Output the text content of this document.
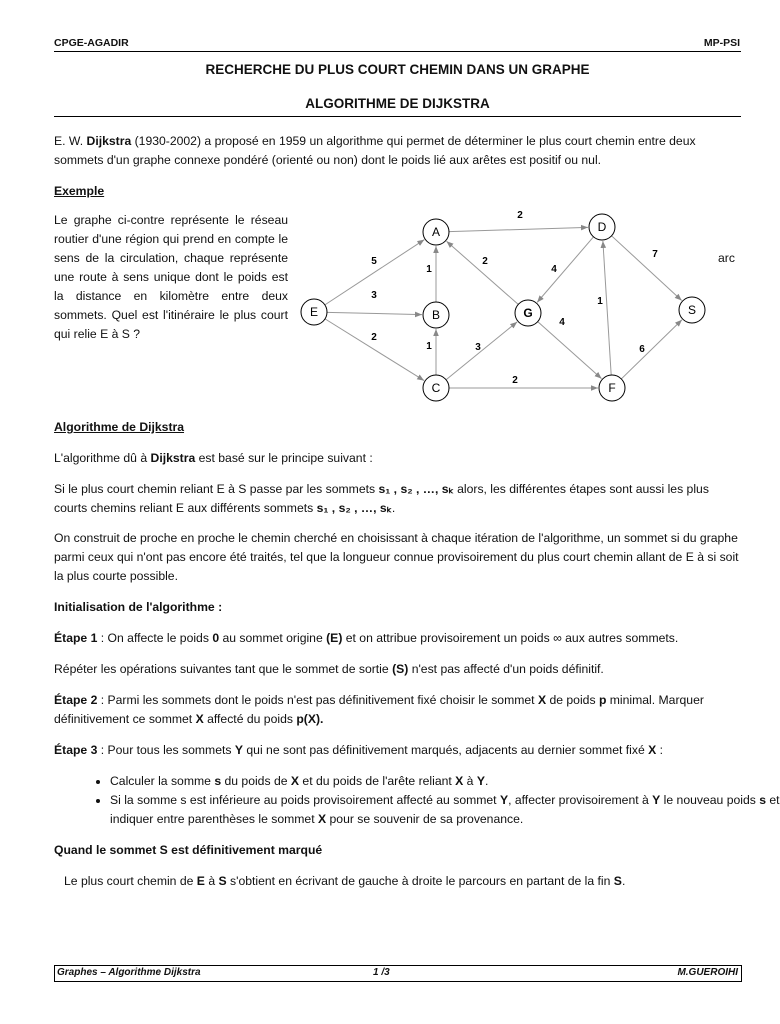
CPGE-AGADIR	MP-PSI
RECHERCHE DU PLUS COURT CHEMIN DANS UN GRAPHE
ALGORITHME DE DIJKSTRA

E. W. Dijkstra (1930-2002) a proposé en 1959 un algorithme qui permet de déterminer le plus court chemin entre deux sommets d'un graphe connexe pondéré (orienté ou non) dont le poids lié aux arêtes est positif ou nul.

Exemple

Le graphe ci-contre représente le réseau routier d'une région qui prend en compte le sens de la circulation, chaque représente une route à sens unique dont le poids est la distance en kilomètre entre deux sommets. Quel est l'itinéraire le plus court qui relie E à S ?

arc
5
3
2
1
1
2
2
3
2
4
4
1
7
6
E
A
B
C
G
D
F
S

Algorithme de Dijkstra

L'algorithme dû à Dijkstra est basé sur le principe suivant :

Si le plus court chemin reliant E à S passe par les sommets s₁ , s₂ , …, sₖ alors, les différentes étapes sont aussi les plus courts chemins reliant E aux différents sommets s₁ , s₂ , …, sₖ.

On construit de proche en proche le chemin cherché en choisissant à chaque itération de l'algorithme, un sommet si du graphe parmi ceux qui n'ont pas encore été traités, tel que la longueur connue provisoirement du plus court chemin allant de E à si soit la plus courte possible.

Initialisation de l'algorithme :

Étape 1 : On affecte le poids 0 au sommet origine (E) et on attribue provisoirement un poids ∞ aux autres sommets.

Répéter les opérations suivantes tant que le sommet de sortie (S) n'est pas affecté d'un poids définitif.

Étape 2 : Parmi les sommets dont le poids n'est pas définitivement fixé choisir le sommet X de poids p minimal. Marquer définitivement ce sommet X affecté du poids p(X).

Étape 3 : Pour tous les sommets Y qui ne sont pas définitivement marqués, adjacents au dernier sommet fixé X :

• Calculer la somme s du poids de X et du poids de l'arête reliant X à Y.
• Si la somme s est inférieure au poids provisoirement affecté au sommet Y, affecter provisoirement à Y le nouveau poids s et indiquer entre parenthèses le sommet X pour se souvenir de sa provenance.

Quand le sommet S est définitivement marqué

Le plus court chemin de E à S s'obtient en écrivant de gauche à droite le parcours en partant de la fin S.

Graphes – Algorithme Dijkstra	1 /3	M.GUEROIHI
